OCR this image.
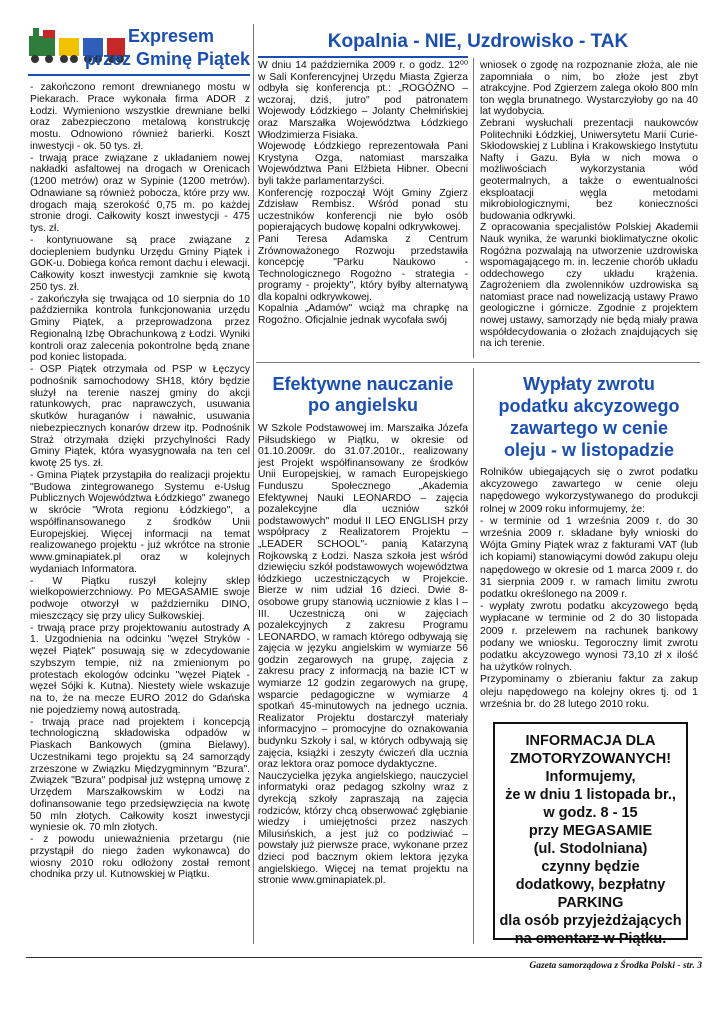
Expresem
przez Gminę Piątek

- zakończono remont drewnianego mostu w Piekarach. Prace wykonała firma ADOR z Łodzi. Wymieniono wszystkie drewniane belki oraz zabezpieczono metalową konstrukcję mostu. Odnowiono również barierki. Koszt inwestycji - ok. 50 tys. zł.

- trwają prace związane z układaniem nowej nakładki asfaltowej na drogach w Orenicach (1200 metrów) oraz w Sypinie (1200 metrów). Odnawiane są również pobocza, które przy ww. drogach mają szerokość 0,75 m. po każdej stronie drogi. Całkowity koszt inwestycji - 475 tys. zł.

- kontynuowane są prace związane z dociepleniem budynku Urzędu Gminy Piątek i GOK-u. Dobiega końca remont dachu i elewacji. Całkowity koszt inwestycji zamknie się kwotą 250 tys. zł.

- zakończyła się trwająca od 10 sierpnia do 10 października kontrola funkcjonowania urzędu Gminy Piątek, a przeprowadzona przez Regionalną Izbę Obrachunkową z Łodzi. Wyniki kontroli oraz zalecenia pokontrolne będą znane pod koniec listopada.

- OSP Piątek otrzymała od PSP w Łęczycy podnośnik samochodowy SH18, który będzie służył na terenie naszej gminy do akcji ratunkowych, prac naprawczych, usuwania skutków huraganów i nawałnic, usuwania niebezpiecznych konarów drzew itp. Podnośnik Straż otrzymała dzięki przychylności Rady Gminy Piątek, która wyasygnowała na ten cel kwotę 25 tys. zł.

- Gmina Piątek przystąpiła do realizacji projektu "Budowa zintegrowanego Systemu e-Usług Publicznych Województwa Łódzkiego" zwanego w skrócie "Wrota regionu Łódzkiego", a współfinansowanego z środków Unii Europejskiej. Więcej informacji na temat realizowanego projektu - już wkrótce na stronie www.gminapiatek.pl oraz w kolejnych wydaniach Informatora.

- W Piątku ruszył kolejny sklep wielkopowierzchniowy. Po MEGASAMIE swoje podwoje otworzył w październiku DINO, mieszczący się przy ulicy Sułkowskiej.

- trwają prace przy projektowaniu autostrady A 1. Uzgodnienia na odcinku "węzeł Stryków - węzeł Piątek" posuwają się w zdecydowanie szybszym tempie, niż na zmienionym po protestach ekologów odcinku "węzeł Piątek - węzeł Sójki k. Kutna). Niestety wiele wskazuje na to, że na mecze EURO 2012 do Gdańska nie pojedziemy nową autostradą.

- trwają prace nad projektem i koncepcją technologiczną składowiska odpadów w Piaskach Bankowych (gmina Bielawy). Uczestnikami tego projektu są 24 samorządy zrzeszone w Związku Międzygminnym "Bzura". Związek "Bzura" podpisał już wstępną umowę z Urzędem Marszałkowskim w Łodzi na dofinansowanie tego przedsięwzięcia na kwotę 50 mln złotych. Całkowity koszt inwestycji wyniesie ok. 70 mln złotych.

- z powodu unieważnienia przetargu (nie przystąpił do niego żaden wykonawca) do wiosny 2010 roku odłożony został remont chodnika przy ul. Kutnowskiej w Piątku.

Kopalnia - NIE, Uzdrowisko - TAK

W dniu 14 października 2009 r. o godz. 12⁰⁰ w Sali Konferencyjnej Urzędu Miasta Zgierza odbyła się konferencja pt.: „ROGÓŻNO – wczoraj, dziś, jutro" pod patronatem Wojewody Łódzkiego – Jolanty Chełmińskiej oraz Marszałka Województwa Łódzkiego Włodzimierza Fisiaka.

Wojewodę Łódzkiego reprezentowała Pani Krystyna Ozga, natomiast marszałka Województwa Pani Elżbieta Hibner. Obecni byli także parlamentarzyści.

Konferencję rozpoczął Wójt Gminy Zgierz Zdzisław Rembisz. Wśród ponad stu uczestników konferencji nie było osób popierających budowę kopalni odkrywkowej.

Pani Teresa Adamska z Centrum Zrównoważonego Rozwoju przedstawiła koncepcję "Parku Naukowo - Technologicznego Rogożno - strategia - programy - projekty", który byłby alternatywą dla kopalni odkrywkowej.

Kopalnia „Adamów" wciąż ma chrapkę na Rogożno. Oficjalnie jednak wycofała swój

wniosek o zgodę na rozpoznanie złoża, ale nie zapomniała o nim, bo złoże jest zbyt atrakcyjne. Pod Zgierzem zalega około 800 mln ton węgla brunatnego. Wystarczyłoby go na 40 lat wydobycia.

Zebrani wysłuchali prezentacji naukowców Politechniki Łódzkiej, Uniwersytetu Marii Curie-Skłodowskiej z Lublina i Krakowskiego Instytutu Nafty i Gazu. Była w nich mowa o możliwościach wykorzystania wód geotermalnych, a także o ewentualności eksploatacji węgla metodami mikrobiologicznymi, bez konieczności budowania odkrywki.

Z opracowania specjalistów Polskiej Akademii Nauk wynika, że warunki bioklimatyczne okolic Rogóżna pozwalają na utworzenie uzdrowiska wspomagającego m. in. leczenie chorób układu oddechowego czy układu krążenia. Zagrożeniem dla zwolenników uzdrowiska są natomiast prace nad nowelizacją ustawy Prawo geologiczne i górnicze. Zgodnie z projektem nowej ustawy, samorządy nie będą miały prawa współdecydowania o złożach znajdujących się na ich terenie.

Efektywne nauczanie
po angielsku

W Szkole Podstawowej im. Marszałka Józefa Piłsudskiego w Piątku, w okresie od 01.10.2009r. do 31.07.2010r., realizowany jest Projekt współfinansowany ze środków Unii Europejskiej, w ramach Europejskiego Funduszu Społecznego „Akademia Efektywnej Nauki LEONARDO – zajęcia pozalekcyjne dla uczniów szkół podstawowych" moduł II LEO ENGLISH przy współpracy z Realizatorem Projektu – „LEADER SCHOOL"- panią Katarzyną Rojkowską z Łodzi. Nasza szkoła jest wśród dziewięciu szkół podstawowych województwa łódzkiego uczestniczących w Projekcie. Bierze w nim udział 16 dzieci. Dwie 8-osobowe grupy stanowią uczniowie z klas I – III. Uczestniczą oni w zajęciach pozalekcyjnych z zakresu Programu LEONARDO, w ramach którego odbywają się zajęcia w języku angielskim w wymiarze 56 godzin zegarowych na grupę, zajęcia z zakresu pracy z informacją na bazie ICT w wymiarze 12 godzin zegarowych na grupę, wsparcie pedagogiczne w wymiarze 4 spotkań 45-minutowych na jednego ucznia. Realizator Projektu dostarczył materiały informacyjno – promocyjne do oznakowania budynku Szkoły i sal, w których odbywają się zajęcia, książki i zeszyty ćwiczeń dla ucznia oraz lektora oraz pomoce dydaktyczne.

Nauczycielka języka angielskiego, nauczyciel informatyki oraz pedagog szkolny wraz z dyrekcją szkoły zapraszają na zajęcia rodziców, którzy chcą obserwować zgłębianie wiedzy i umiejętności przez naszych Milusińskich, a jest już co podziwiać – powstały już pierwsze prace, wykonane przez dzieci pod bacznym okiem lektora języka angielskiego. Więcej na temat projektu na stronie www.gminapiatek.pl.

Wypłaty zwrotu
podatku akcyzowego
zawartego w cenie
oleju - w listopadzie

Rolników ubiegających się o zwrot podatku akcyzowego zawartego w cenie oleju napędowego wykorzystywanego do produkcji rolnej w 2009 roku informujemy, że:

- w terminie od 1 września 2009 r. do 30 września 2009 r. składane były wnioski do Wójta Gminy Piątek wraz z fakturami VAT (lub ich kopiami) stanowiącymi dowód zakupu oleju napędowego w okresie od 1 marca 2009 r. do 31 sierpnia 2009 r. w ramach limitu zwrotu podatku określonego na 2009 r.

- wypłaty zwrotu podatku akcyzowego będą wypłacane w terminie od 2 do 30 listopada 2009 r. przelewem na rachunek bankowy podany we wniosku. Tegoroczny limit zwrotu podatku akcyzowego wynosi 73,10 zł x ilość ha użytków rolnych.

Przypominamy o zbieraniu faktur za zakup oleju napędowego na kolejny okres tj. od 1 września br. do 28 lutego 2010 roku.

INFORMACJA DLA
ZMOTORYZOWANYCH!
Informujemy,
że w dniu 1 listopada br.,
w godz. 8 - 15
przy MEGASAMIE
(ul. Stodolniana)
czynny będzie
dodatkowy, bezpłatny
PARKING
dla osób przyjeżdżających
na cmentarz w Piątku.
Gazeta samorządowa z Środka Polski - str. 3
